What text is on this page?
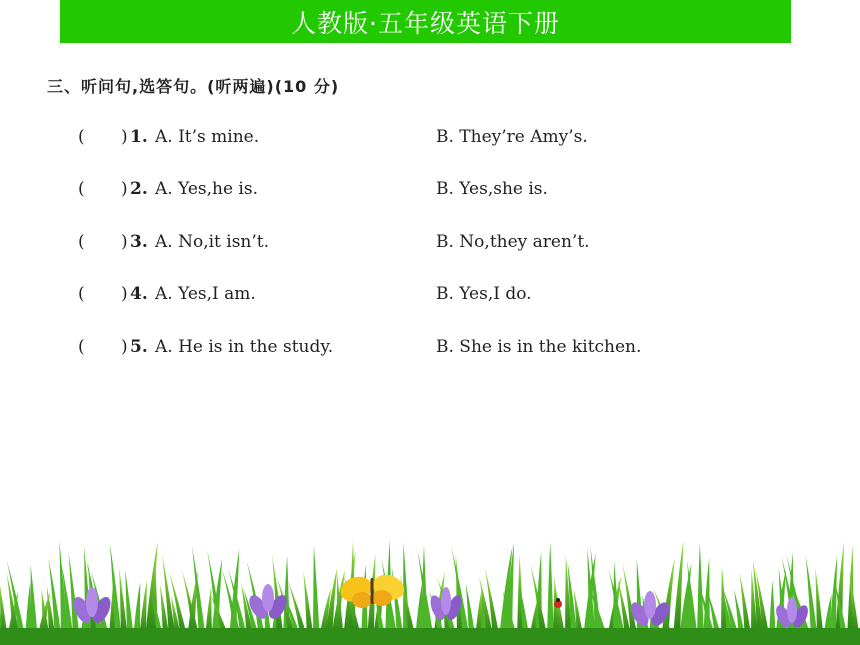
人教版·五年级英语下册
三、听问句,选答句。(听两遍)(10 分)
( ) 1. A. It’s mine.	B. They’re Amy’s.
( ) 2. A. Yes,he is.	B. Yes,she is.
( ) 3. A. No,it isn’t.	B. No,they aren’t.
( ) 4. A. Yes,I am.	B. Yes,I do.
( ) 5. A. He is in the study.	B. She is in the kitchen.
